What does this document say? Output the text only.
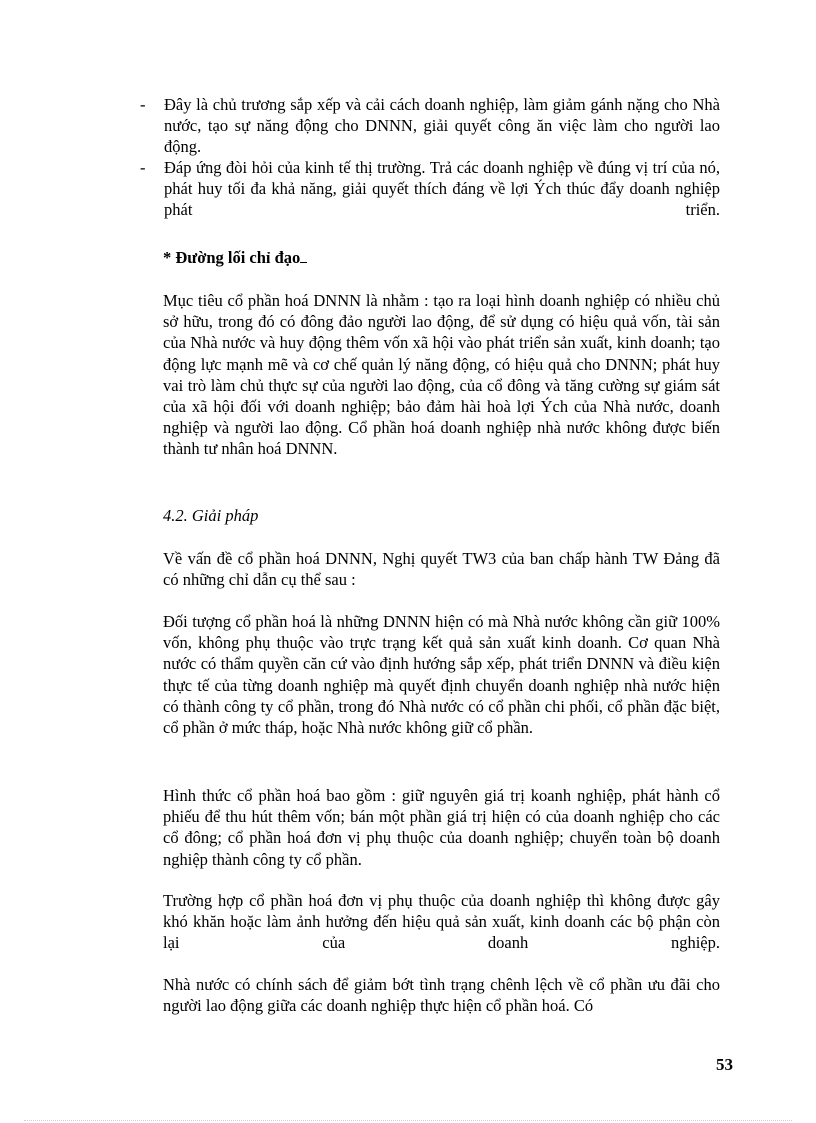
- Đây là chủ trương sắp xếp và cải cách doanh nghiệp, làm giảm gánh nặng cho Nhà nước, tạo sự năng động cho DNNN, giải quyết công ăn việc làm cho người lao động.
- Đáp ứng đòi hỏi của kinh tế thị trường. Trả các doanh nghiệp về đúng vị trí của nó, phát huy tối đa khả năng, giải quyết thích đáng về lợi Ých thúc đẩy doanh nghiệp phát triển.
* Đường lối chỉ đạo

Mục tiêu cổ phần hoá DNNN là nhằm : tạo ra loại hình doanh nghiệp có nhiều chủ sở hữu, trong đó có đông đảo người lao động, để sử dụng có hiệu quả vốn, tài sản của Nhà nước và huy động thêm vốn xã hội vào phát triển sản xuất, kinh doanh; tạo động lực mạnh mẽ và cơ chế quản lý năng động, có hiệu quả cho DNNN; phát huy vai trò làm chủ thực sự của người lao động, của cổ đông và tăng cường sự giám sát của xã hội đối với doanh nghiệp; bảo đảm hài hoà lợi Ých của Nhà nước, doanh nghiệp và người lao động. Cổ phần hoá doanh nghiệp nhà nước không được biến thành tư nhân hoá DNNN.

4.2. Giải pháp

Về vấn đề cổ phần hoá DNNN, Nghị quyết TW3 của ban chấp hành TW Đảng đã có những chỉ dẫn cụ thể sau :

Đối tượng cổ phần hoá là những DNNN hiện có mà Nhà nước không cần giữ 100% vốn, không phụ thuộc vào trực trạng kết quả sản xuất kinh doanh. Cơ quan Nhà nước có thẩm quyền căn cứ vào định hướng sắp xếp, phát triển DNNN và điều kiện thực tế của từng doanh nghiệp mà quyết định chuyển doanh nghiệp nhà nước hiện có thành công ty cổ phần, trong đó Nhà nước có cổ phần chi phối, cổ phần đặc biệt, cổ phần ở mức tháp, hoặc Nhà nước không giữ cổ phần.

Hình thức cổ phần hoá bao gồm : giữ nguyên giá trị koanh nghiệp, phát hành cổ phiếu để thu hút thêm vốn; bán một phần giá trị hiện có của doanh nghiệp cho các cổ đông; cổ phần hoá đơn vị phụ thuộc của doanh nghiệp; chuyển toàn bộ doanh nghiệp thành công ty cổ phần.

Trường hợp cổ phần hoá đơn vị phụ thuộc của doanh nghiệp thì không được gây khó khăn hoặc làm ảnh hưởng đến hiệu quả sản xuất, kinh doanh các bộ phận còn lại của doanh nghiệp.

Nhà nước có chính sách để giảm bớt tình trạng chênh lệch về cổ phần ưu đãi cho người lao động giữa các doanh nghiệp thực hiện cổ phần hoá. Có

53
